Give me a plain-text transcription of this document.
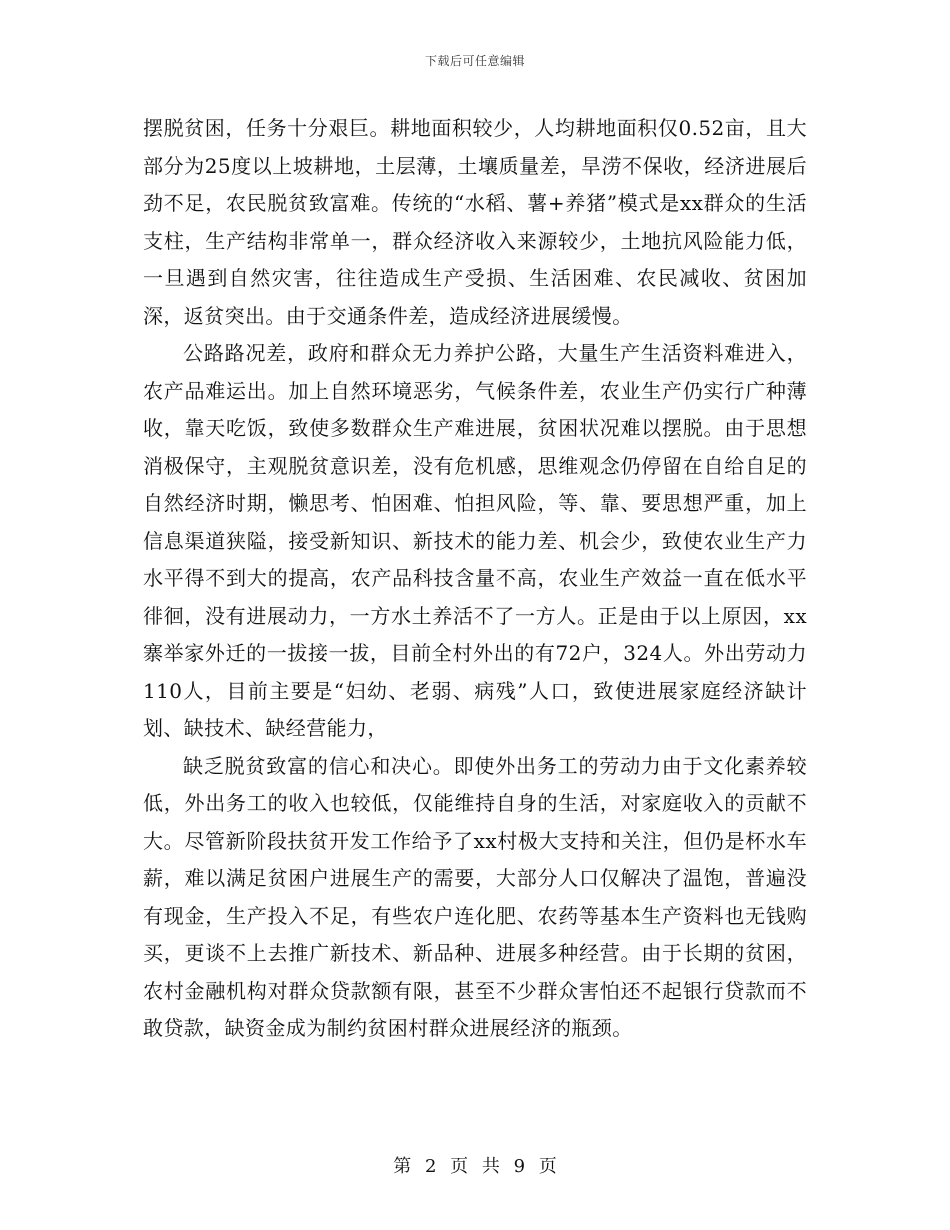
下载后可任意编辑

摆脱贫困，任务十分艰巨。耕地面积较少，人均耕地面积仅0.52亩，且大部分为25度以上坡耕地，土层薄，土壤质量差，旱涝不保收，经济进展后劲不足，农民脱贫致富难。传统的“水稻、薯+养猪”模式是xx群众的生活支柱，生产结构非常单一，群众经济收入来源较少，土地抗风险能力低，一旦遇到自然灾害，往往造成生产受损、生活困难、农民减收、贫困加深，返贫突出。由于交通条件差，造成经济进展缓慢。

公路路况差，政府和群众无力养护公路，大量生产生活资料难进入，农产品难运出。加上自然环境恶劣，气候条件差，农业生产仍实行广种薄收，靠天吃饭，致使多数群众生产难进展，贫困状况难以摆脱。由于思想消极保守，主观脱贫意识差，没有危机感，思维观念仍停留在自给自足的自然经济时期，懒思考、怕困难、怕担风险，等、靠、要思想严重，加上信息渠道狭隘，接受新知识、新技术的能力差、机会少，致使农业生产力水平得不到大的提高，农产品科技含量不高，农业生产效益一直在低水平徘徊，没有进展动力，一方水土养活不了一方人。正是由于以上原因，xx寨举家外迁的一拔接一拔，目前全村外出的有72户，324人。外出劳动力110人，目前主要是“妇幼、老弱、病残”人口，致使进展家庭经济缺计划、缺技术、缺经营能力，

缺乏脱贫致富的信心和决心。即使外出务工的劳动力由于文化素养较低，外出务工的收入也较低，仅能维持自身的生活，对家庭收入的贡献不大。尽管新阶段扶贫开发工作给予了xx村极大支持和关注，但仍是杯水车薪，难以满足贫困户进展生产的需要，大部分人口仅解决了温饱，普遍没有现金，生产投入不足，有些农户连化肥、农药等基本生产资料也无钱购买，更谈不上去推广新技术、新品种、进展多种经营。由于长期的贫困，农村金融机构对群众贷款额有限，甚至不少群众害怕还不起银行贷款而不敢贷款，缺资金成为制约贫困村群众进展经济的瓶颈。

第 2 页 共 9 页
